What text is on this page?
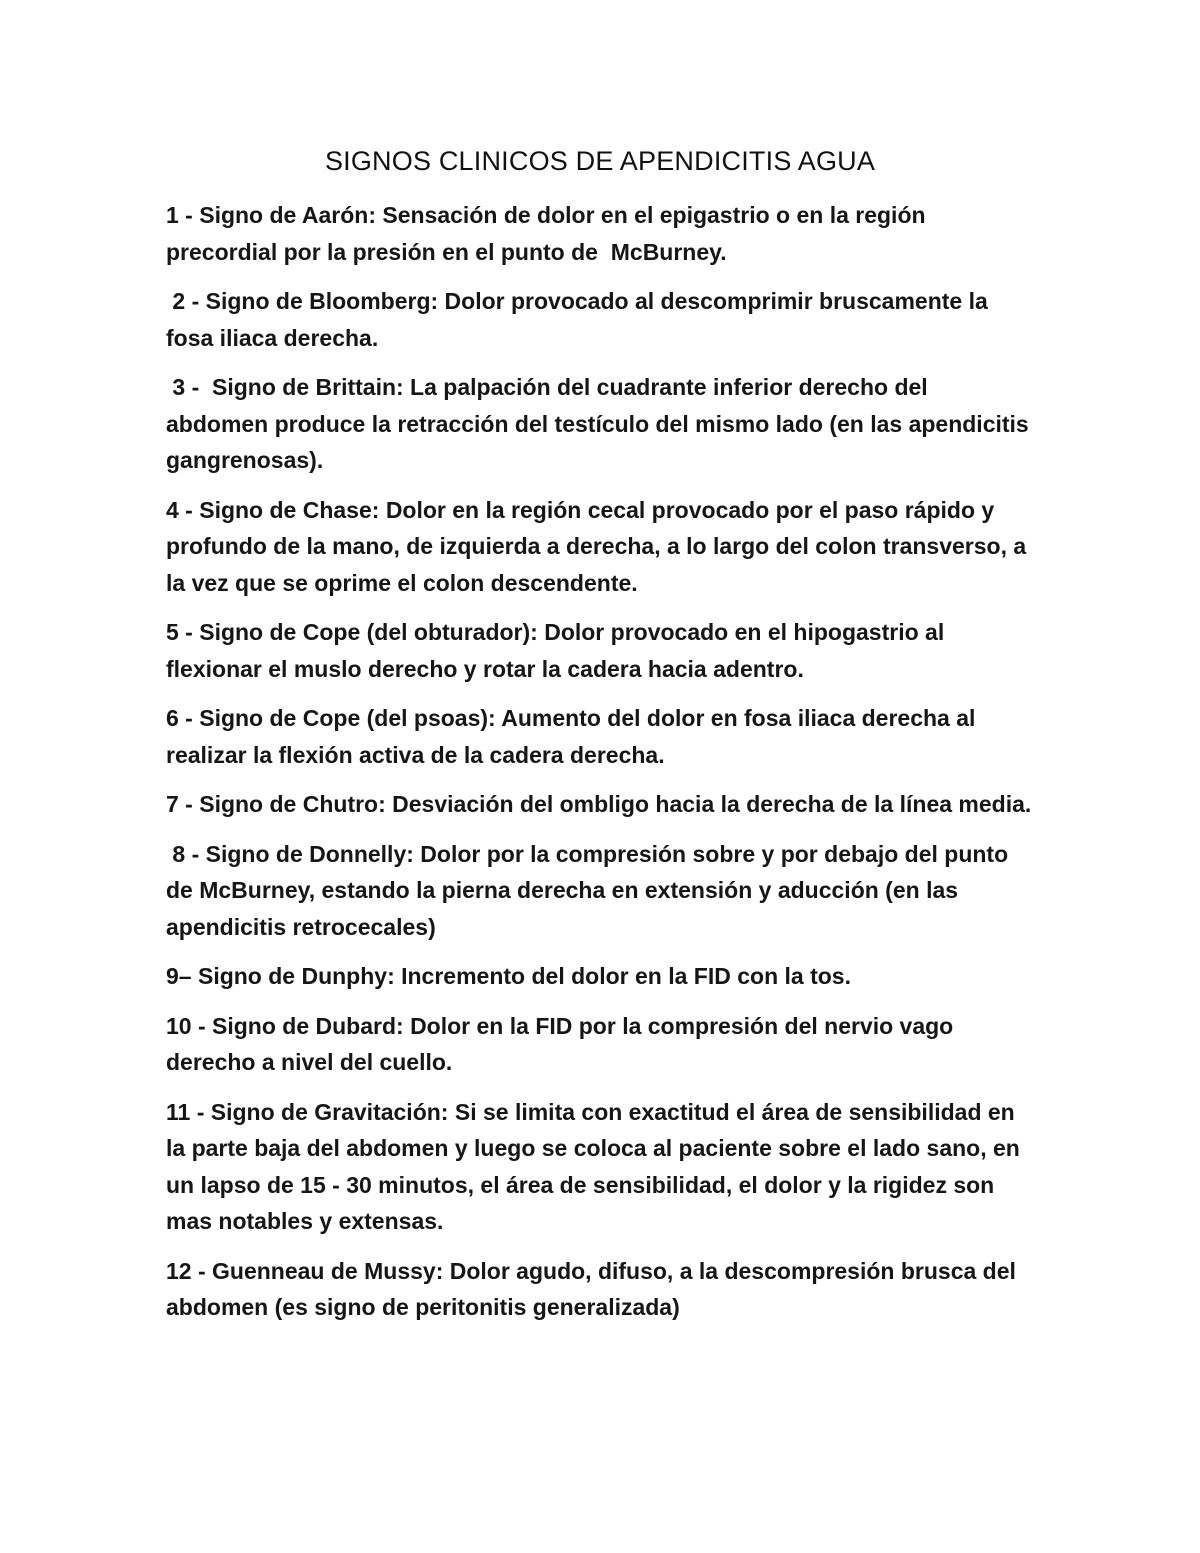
SIGNOS CLINICOS DE APENDICITIS AGUA

1 - Signo de Aarón: Sensación de dolor en el epigastrio o en la región precordial por la presión en el punto de  McBurney.

2 - Signo de Bloomberg: Dolor provocado al descomprimir bruscamente la fosa iliaca derecha.

3 -  Signo de Brittain: La palpación del cuadrante inferior derecho del abdomen produce la retracción del testículo del mismo lado (en las apendicitis gangrenosas).

4 - Signo de Chase: Dolor en la región cecal provocado por el paso rápido y profundo de la mano, de izquierda a derecha, a lo largo del colon transverso, a la vez que se oprime el colon descendente.

5 - Signo de Cope (del obturador): Dolor provocado en el hipogastrio al flexionar el muslo derecho y rotar la cadera hacia adentro.

6 - Signo de Cope (del psoas): Aumento del dolor en fosa iliaca derecha al realizar la flexión activa de la cadera derecha.

7 - Signo de Chutro: Desviación del ombligo hacia la derecha de la línea media.

8 - Signo de Donnelly: Dolor por la compresión sobre y por debajo del punto de McBurney, estando la pierna derecha en extensión y aducción (en las apendicitis retrocecales)

9– Signo de Dunphy: Incremento del dolor en la FID con la tos.

10 - Signo de Dubard: Dolor en la FID por la compresión del nervio vago derecho a nivel del cuello.

11 - Signo de Gravitación: Si se limita con exactitud el área de sensibilidad en la parte baja del abdomen y luego se coloca al paciente sobre el lado sano, en un lapso de 15 - 30 minutos, el área de sensibilidad, el dolor y la rigidez son mas notables y extensas.

12 - Guenneau de Mussy: Dolor agudo, difuso, a la descompresión brusca del abdomen (es signo de peritonitis generalizada)
